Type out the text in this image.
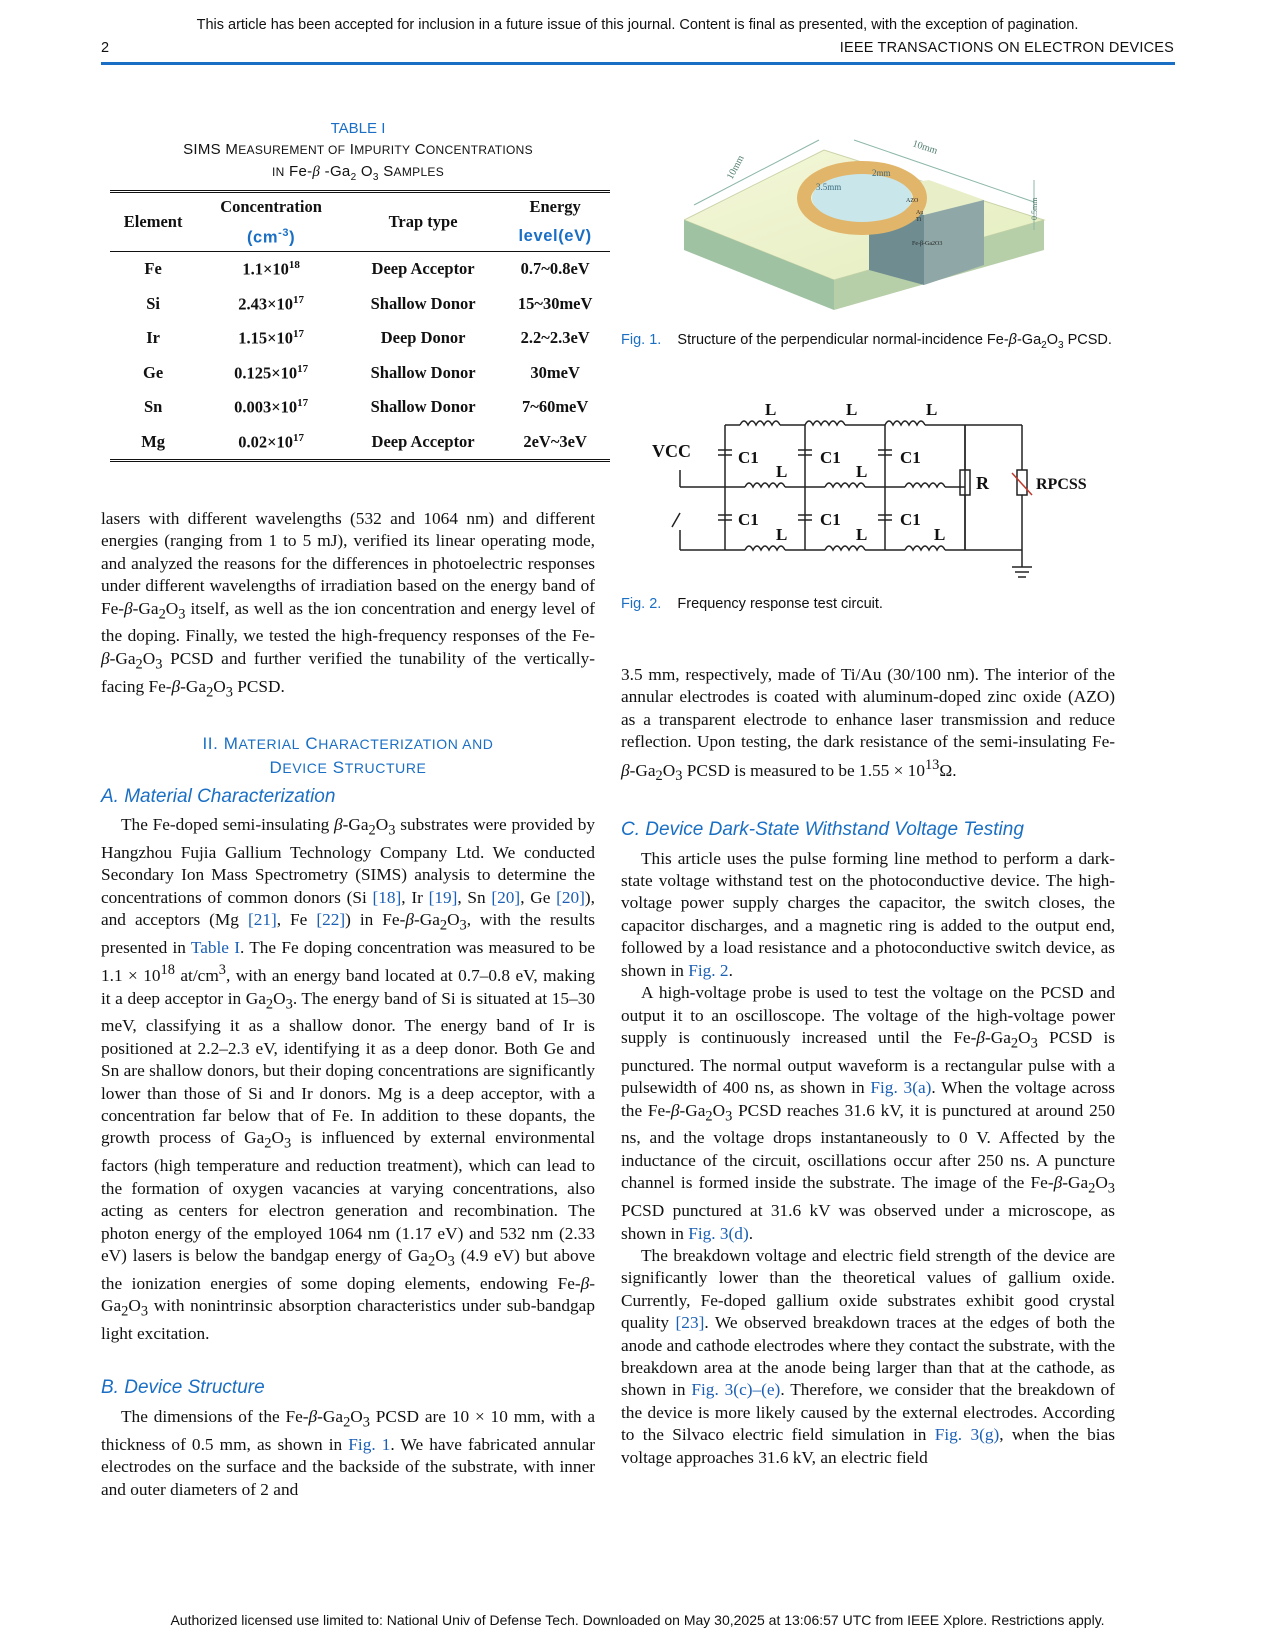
This article has been accepted for inclusion in a future issue of this journal. Content is final as presented, with the exception of pagination.
2	IEEE TRANSACTIONS ON ELECTRON DEVICES
TABLE I
SIMS MEASUREMENT OF IMPURITY CONCENTRATIONS
IN Fe-β $-Ga_2$ $O_3$ SAMPLES
Element	Concentration	Trap type	Energy
	$(cm^{-3})$		level(eV)
Fe	$1.1\times 10^{18}$	Deep Acceptor	0.7~0.8eV
Si	$2.43\times 10^{17}$	Shallow Donor	15~30meV
Ir	$1.15\times 10^{17}$	Deep Donor	2.2~2.3eV
Ge	$0.125\times 10^{17}$	Shallow Donor	30meV
Sn	$0.003\times 10^{17}$	Shallow Donor	7~60meV
Mg	$0.02\times 10^{17}$	Deep Acceptor	2eV~3eV
10mm
10mm
0.5mm
3.5mm
2mm
AZO
Au
Ti
Fe-β-Ga2O3
Fig. 1.    Structure of the perpendicular normal-incidence $Fe-\beta-Ga_2O_3$ PCSD.
L	L	L
L	L
L	L	L
C1	C1	C1
C1	C1	C1
VCC
R	RPCSS
Fig. 2. Frequency response test circuit.

lasers with different wavelengths (532 and 1064 nm) and different energies (ranging from 1 to 5 mJ), verified its linear operating mode, and analyzed the reasons for the differences in photoelectric responses under different wavelengths of irradiation based on the energy band of $Fe-\beta-Ga_2O_3$ itself, as well as the ion concentration and energy level of the doping. Finally, we tested the high-frequency responses of the $Fe-\beta-Ga_2O_3$ PCSD and further verified the tunability of the vertically-facing $Fe-\beta-Ga_2O_3$ PCSD.

II. MATERIAL CHARACTERIZATION AND
DEVICE STRUCTURE
A. Material Characterization

The Fe-doped semi-insulating $\beta-Ga_2O_3$ substrates were provided by Hangzhou Fujia Gallium Technology Company Ltd. We conducted Secondary Ion Mass Spectrometry (SIMS) analysis to determine the concentrations of common donors (Si [18], Ir [19], Sn [20], Ge [20]), and acceptors (Mg [21], Fe [22]) in $Fe-\beta-Ga_2O_3$, with the results presented in Table I. The Fe doping concentration was measured to be $1.1 \times 10^{18}$ $at/cm^3$, with an energy band located at 0.7–0.8 eV, making it a deep acceptor in $Ga_2O_3$. The energy band of Si is situated at 15–30 meV, classifying it as a shallow donor. The energy band of Ir is positioned at 2.2–2.3 eV, identifying it as a deep donor. Both Ge and Sn are shallow donors, but their doping concentrations are significantly lower than those of Si and Ir donors. Mg is a deep acceptor, with a concentration far below that of Fe. In addition to these dopants, the growth process of $Ga_2O_3$ is influenced by external environmental factors (high temperature and reduction treatment), which can lead to the formation of oxygen vacancies at varying concentrations, also acting as centers for electron generation and recombination. The photon energy of the employed 1064 nm (1.17 eV) and 532 nm (2.33 eV) lasers is below the bandgap energy of $Ga_2O_3$ (4.9 eV) but above the ionization energies of some doping elements, endowing $Fe-\beta-Ga_2O_3$ with nonintrinsic absorption characteristics under sub-bandgap light excitation.

B. Device Structure

The dimensions of the $Fe-\beta-Ga_2O_3$ PCSD are 10 × 10 mm, with a thickness of 0.5 mm, as shown in Fig. 1. We have fabricated annular electrodes on the surface and the backside of the substrate, with inner and outer diameters of 2 and

3.5 mm, respectively, made of Ti/Au (30/100 nm). The interior of the annular electrodes is coated with aluminum-doped zinc oxide (AZO) as a transparent electrode to enhance laser transmission and reduce reflection. Upon testing, the dark resistance of the semi-insulating $Fe-\beta-Ga_2O_3$ PCSD is measured to be $1.55 \times 10^{13}\Omega$.

C. Device Dark-State Withstand Voltage Testing

This article uses the pulse forming line method to perform a dark-state voltage withstand test on the photoconductive device. The high-voltage power supply charges the capacitor, the switch closes, the capacitor discharges, and a magnetic ring is added to the output end, followed by a load resistance and a photoconductive switch device, as shown in Fig. 2.

A high-voltage probe is used to test the voltage on the PCSD and output it to an oscilloscope. The voltage of the high-voltage power supply is continuously increased until the $Fe-\beta-Ga_2O_3$ PCSD is punctured. The normal output waveform is a rectangular pulse with a pulsewidth of 400 ns, as shown in Fig. 3(a). When the voltage across the $Fe-\beta-Ga_2O_3$ PCSD reaches 31.6 kV, it is punctured at around 250 ns, and the voltage drops instantaneously to 0 V. Affected by the inductance of the circuit, oscillations occur after 250 ns. A puncture channel is formed inside the substrate. The image of the $Fe-\beta-Ga_2O_3$ PCSD punctured at 31.6 kV was observed under a microscope, as shown in Fig. 3(d).

The breakdown voltage and electric field strength of the device are significantly lower than the theoretical values of gallium oxide. Currently, Fe-doped gallium oxide substrates exhibit good crystal quality [23]. We observed breakdown traces at the edges of both the anode and cathode electrodes where they contact the substrate, with the breakdown area at the anode being larger than that at the cathode, as shown in Fig. 3(c)–(e). Therefore, we consider that the breakdown of the device is more likely caused by the external electrodes. According to the Silvaco electric field simulation in Fig. 3(g), when the bias voltage approaches 31.6 kV, an electric field

Authorized licensed use limited to: National Univ of Defense Tech. Downloaded on May 30,2025 at 13:06:57 UTC from IEEE Xplore. Restrictions apply.
